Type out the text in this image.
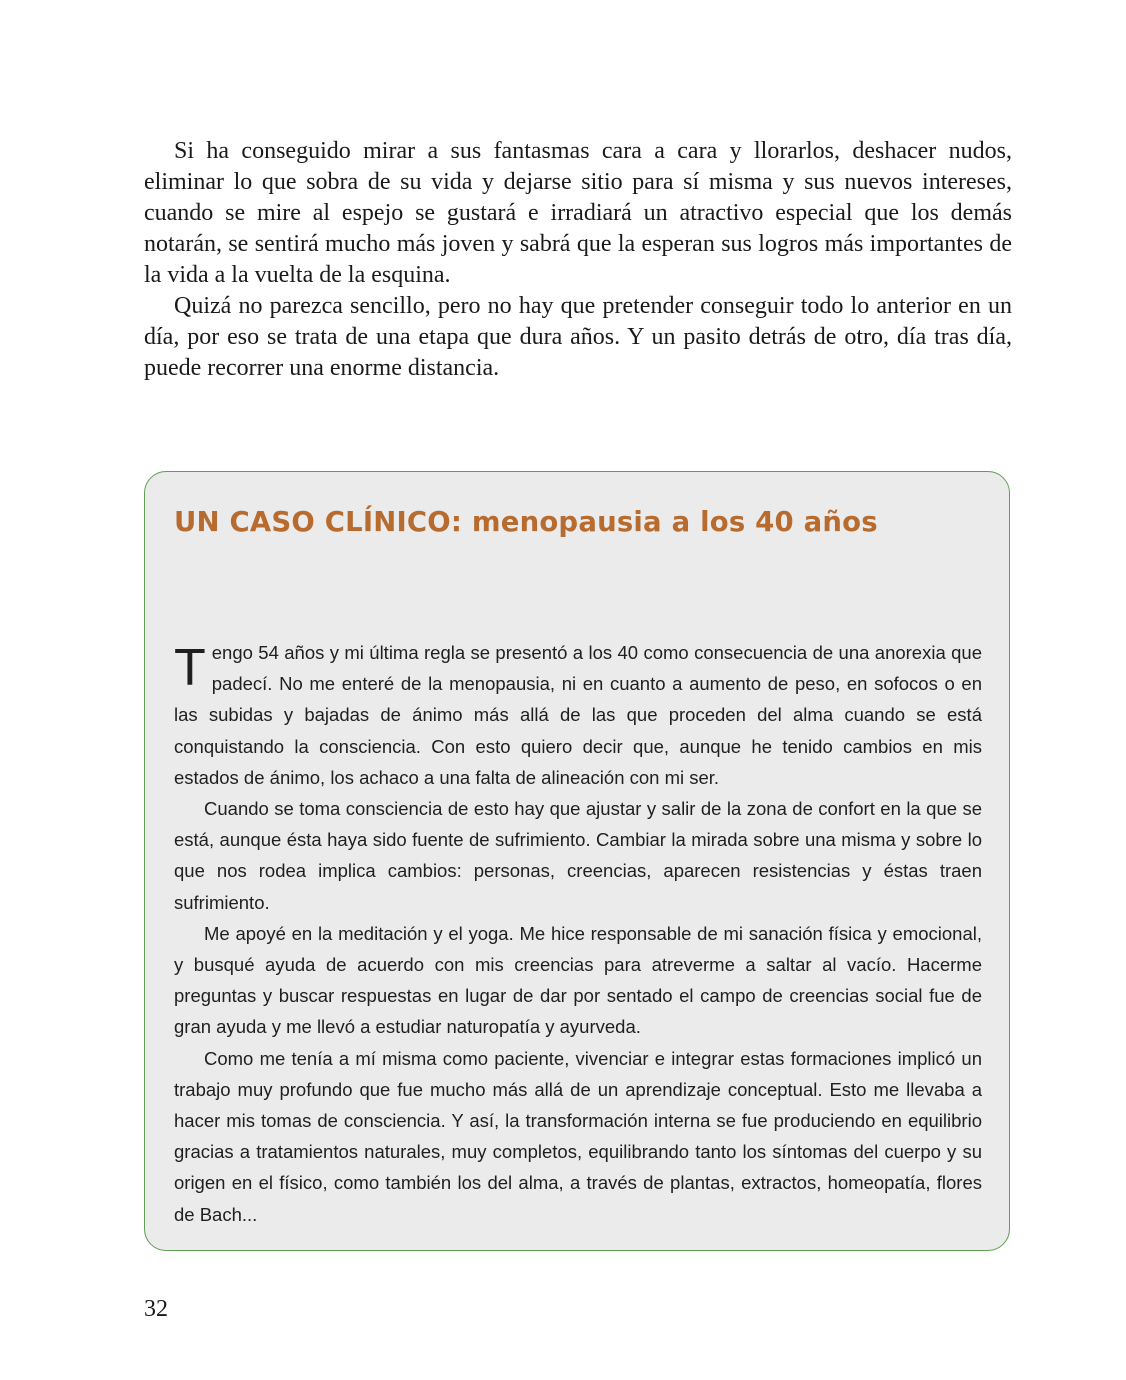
Si ha conseguido mirar a sus fantasmas cara a cara y llorarlos, deshacer nudos, eliminar lo que sobra de su vida y dejarse sitio para sí misma y sus nuevos intereses, cuando se mire al espejo se gustará e irradiará un atractivo especial que los demás notarán, se sentirá mucho más joven y sabrá que la esperan sus logros más importantes de la vida a la vuelta de la esquina.

Quizá no parezca sencillo, pero no hay que pretender conseguir todo lo anterior en un día, por eso se trata de una etapa que dura años. Y un pasito detrás de otro, día tras día, puede recorrer una enorme distancia.

UN CASO CLÍNICO: menopausia a los 40 años

Tengo 54 años y mi última regla se presentó a los 40 como consecuencia de una anorexia que padecí. No me enteré de la menopausia, ni en cuanto a aumento de peso, en sofocos o en las subidas y bajadas de ánimo más allá de las que proceden del alma cuando se está conquistando la consciencia. Con esto quiero decir que, aunque he tenido cambios en mis estados de ánimo, los achaco a una falta de alineación con mi ser.

Cuando se toma consciencia de esto hay que ajustar y salir de la zona de confort en la que se está, aunque ésta haya sido fuente de sufrimiento. Cambiar la mirada sobre una misma y sobre lo que nos rodea implica cambios: personas, creencias, aparecen resistencias y éstas traen sufrimiento.

Me apoyé en la meditación y el yoga. Me hice responsable de mi sanación física y emocional, y busqué ayuda de acuerdo con mis creencias para atreverme a saltar al vacío. Hacerme preguntas y buscar respuestas en lugar de dar por sentado el campo de creencias social fue de gran ayuda y me llevó a estudiar naturopatía y ayurveda.

Como me tenía a mí misma como paciente, vivenciar e integrar estas formaciones implicó un trabajo muy profundo que fue mucho más allá de un aprendizaje conceptual. Esto me llevaba a hacer mis tomas de consciencia. Y así, la transformación interna se fue produciendo en equilibrio gracias a tratamientos naturales, muy completos, equilibrando tanto los síntomas del cuerpo y su origen en el físico, como también los del alma, a través de plantas, extractos, homeopatía, flores de Bach...

32
